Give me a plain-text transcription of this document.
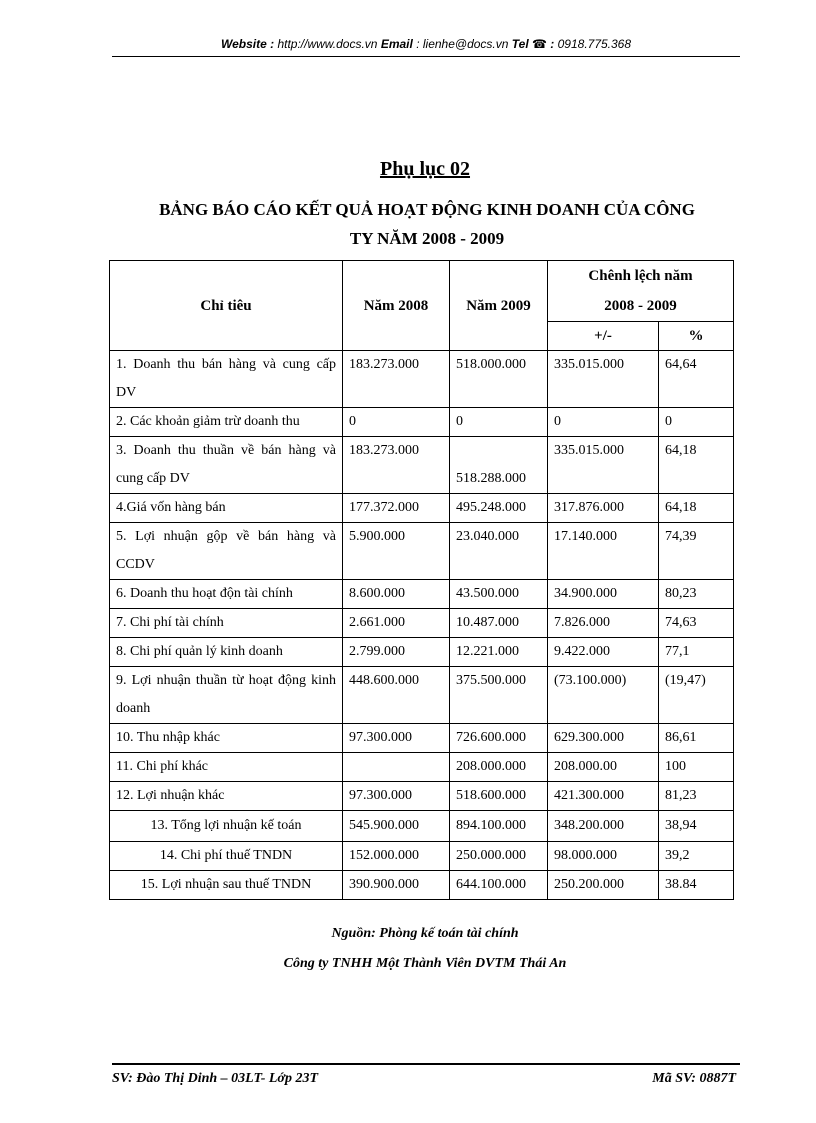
Website : http://www.docs.vn Email : lienhe@docs.vn Tel ☎ : 0918.775.368
Phụ lục 02
BẢNG BÁO CÁO KẾT QUẢ HOẠT ĐỘNG KINH DOANH CỦA CÔNG
TY NĂM 2008 - 2009
Chỉ tiêu	Năm 2008	Năm 2009	Chênh lệch năm
2008 - 2009	

			+/-	%
1. Doanh thu bán hàng và cung cấp DV	183.273.000	518.000.000	335.015.000	64,64
2. Các khoản giảm trừ doanh thu	0	0	0	0
3. Doanh thu thuần về bán hàng và cung cấp DV	183.273.000	518.288.000	335.015.000	64,18
4.Giá vốn hàng bán	177.372.000	495.248.000	317.876.000	64,18
5. Lợi nhuận gộp về bán hàng và CCDV	5.900.000	23.040.000	17.140.000	74,39
6. Doanh thu hoạt độn tài chính	8.600.000	43.500.000	34.900.000	80,23
7. Chi phí tài chính	2.661.000	10.487.000	7.826.000	74,63
8. Chi phí quản lý kinh doanh	2.799.000	12.221.000	9.422.000	77,1
9. Lợi nhuận thuần từ hoạt động kinh doanh	448.600.000	375.500.000	(73.100.000)	(19,47)
10. Thu nhập khác	97.300.000	726.600.000	629.300.000	86,61
11. Chi phí khác		208.000.000	208.000.00	100
12. Lợi nhuận khác	97.300.000	518.600.000	421.300.000	81,23
13. Tổng lợi nhuận kế toán	545.900.000	894.100.000	348.200.000	38,94
14. Chi phí thuế TNDN	152.000.000	250.000.000	98.000.000	39,2
15. Lợi nhuận sau thuế TNDN	390.900.000	644.100.000	250.200.000	38.84
Nguồn: Phòng kế toán tài chính
Công ty TNHH Một Thành Viên DVTM Thái An
SV: Đào Thị Dinh – 03LT- Lớp 23T	Mã SV: 0887T
